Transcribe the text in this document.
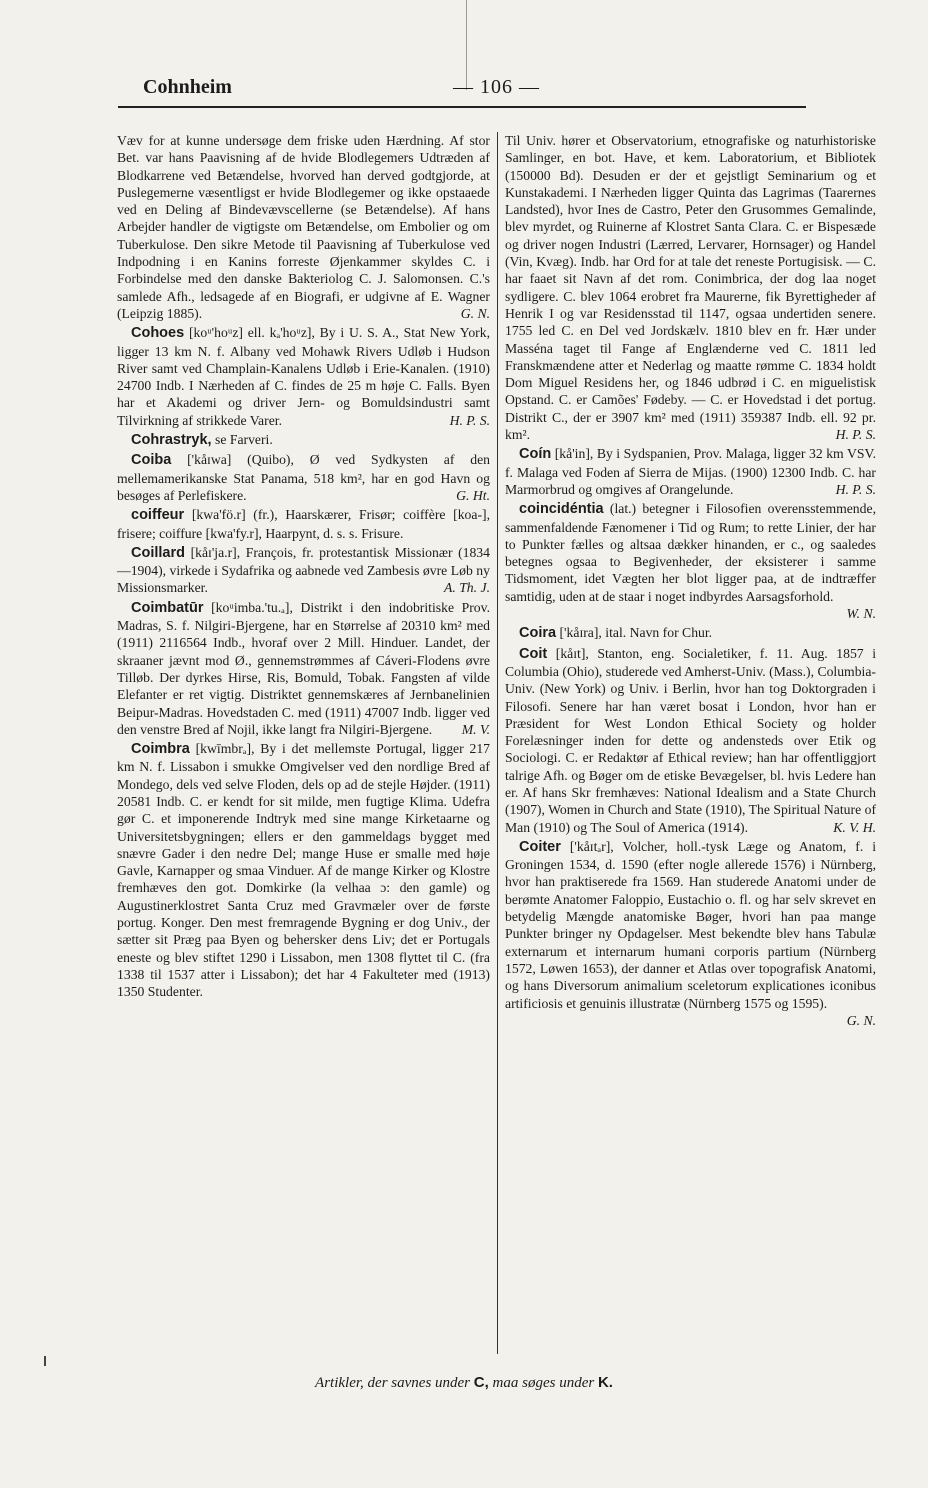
Cohnheim	— 106 —

Væv for at kunne undersøge dem friske uden Hærdning. Af stor Bet. var hans Paavisning af de hvide Blodlegemers Udtræden af Blodkarrene ved Betændelse, hvorved han derved godtgjorde, at Puslegemerne væsentligst er hvide Blodlegemer og ikke opstaaede ved en Deling af Bindevævscellerne (se Betændelse). Af hans Arbejder handler de vigtigste om Betændelse, om Embolier og om Tuberkulose. Den sikre Metode til Paavisning af Tuberkulose ved Indpodning i en Kanins forreste Øjenkammer skyldes C. i Forbindelse med den danske Bakteriolog C. J. Salomonsen. C.'s samlede Afh., ledsagede af en Biografi, er udgivne af E. Wagner (Leipzig 1885).	G. N.

Cohoes [koᵘ'hoᵘz] ell. kₐ'hoᵘz], By i U. S. A., Stat New York, ligger 13 km N. f. Albany ved Mohawk Rivers Udløb i Hudson River samt ved Champlain-Kanalens Udløb i Erie-Kanalen. (1910) 24700 Indb. I Nærheden af C. findes de 25 m høje C. Falls. Byen har et Akademi og driver Jern- og Bomuldsindustri samt Tilvirkning af strikkede Varer.	H. P. S.

Cohrastryk, se Farveri.

Coiba ['kåɪwa] (Quibo), Ø ved Sydkysten af den mellemamerikanske Stat Panama, 518 km², har en god Havn og besøges af Perlefiskere.	G. Ht.

coiffeur [kwa'fö.r] (fr.), Haarskærer, Frisør; coiffère [koa-], frisere; coiffure [kwa'fy.r], Haarpynt, d. s. s. Frisure.

Coillard [kåɪ'ja.r], François, fr. protestantisk Missionær (1834—1904), virkede i Sydafrika og aabnede ved Zambesis øvre Løb ny Missionsmarker.	A. Th. J.

Coimbatūr [koᵘimba.'tu.ₐ], Distrikt i den indobritiske Prov. Madras, S. f. Nilgiri-Bjergene, har en Størrelse af 20310 km² med (1911) 2116564 Indb., hvoraf over 2 Mill. Hinduer. Landet, der skraaner jævnt mod Ø., gennemstrømmes af Cáveri-Flodens øvre Tilløb. Der dyrkes Hirse, Ris, Bomuld, Tobak. Fangsten af vilde Elefanter er ret vigtig. Distriktet gennemskæres af Jernbanelinien Beipur-Madras. Hovedstaden C. med (1911) 47007 Indb. ligger ved den venstre Bred af Nojil, ikke langt fra Nilgiri-Bjergene.	M. V.

Coimbra [kwīmbrₐ], By i det mellemste Portugal, ligger 217 km N. f. Lissabon i smukke Omgivelser ved den nordlige Bred af Mondego, dels ved selve Floden, dels op ad de stejle Højder. (1911) 20581 Indb. C. er kendt for sit milde, men fugtige Klima. Udefra gør C. et imponerende Indtryk med sine mange Kirketaarne og Universitetsbygningen; ellers er den gammeldags bygget med snævre Gader i den nedre Del; mange Huse er smalle med høje Gavle, Karnapper og smaa Vinduer. Af de mange Kirker og Klostre fremhæves den got. Domkirke (la velhaa ɔ: den gamle) og Augustinerklostret Santa Cruz med Gravmæler over de første portug. Konger. Den mest fremragende Bygning er dog Univ., der sætter sit Præg paa Byen og behersker dens Liv; det er Portugals eneste og blev stiftet 1290 i Lissabon, men 1308 flyttet til C. (fra 1338 til 1537 atter i Lissabon); det har 4 Fakulteter med (1913) 1350 Studenter.

Til Univ. hører et Observatorium, etnografiske og naturhistoriske Samlinger, en bot. Have, et kem. Laboratorium, et Bibliotek (150000 Bd). Desuden er der et gejstligt Seminarium og et Kunstakademi. I Nærheden ligger Quinta das Lagrimas (Taarernes Landsted), hvor Ines de Castro, Peter den Grusommes Gemalinde, blev myrdet, og Ruinerne af Klostret Santa Clara. C. er Bispesæde og driver nogen Industri (Lærred, Lervarer, Hornsager) og Handel (Vin, Kvæg). Indb. har Ord for at tale det reneste Portugisisk. — C. har faaet sit Navn af det rom. Conimbrica, der dog laa noget sydligere. C. blev 1064 erobret fra Maurerne, fik Byrettigheder af Henrik I og var Residensstad til 1147, ogsaa undertiden senere. 1755 led C. en Del ved Jordskælv. 1810 blev en fr. Hær under Masséna taget til Fange af Englænderne ved C. 1811 led Franskmændene atter et Nederlag og maatte rømme C. 1834 holdt Dom Miguel Residens her, og 1846 udbrød i C. en miguelistisk Opstand. C. er Camões' Fødeby. — C. er Hovedstad i det portug. Distrikt C., der er 3907 km² med (1911) 359387 Indb. ell. 92 pr. km².	H. P. S.

Coín [kå'in], By i Sydspanien, Prov. Malaga, ligger 32 km VSV. f. Malaga ved Foden af Sierra de Mijas. (1900) 12300 Indb. C. har Marmorbrud og omgives af Orangelunde.	H. P. S.

coincidéntia (lat.) betegner i Filosofien overensstemmende, sammenfaldende Fænomener i Tid og Rum; to rette Linier, der har to Punkter fælles og altsaa dækker hinanden, er c., og saaledes betegnes ogsaa to Begivenheder, der eksisterer i samme Tidsmoment, idet Vægten her blot ligger paa, at de indtræffer samtidig, uden at de staar i noget indbyrdes Aarsagsforhold.
W. N.

Coira ['kåɪra], ital. Navn for Chur.

Coit [kåɪt], Stanton, eng. Socialetiker, f. 11. Aug. 1857 i Columbia (Ohio), studerede ved Amherst-Univ. (Mass.), Columbia-Univ. (New York) og Univ. i Berlin, hvor han tog Doktorgraden i Filosofi. Senere har han været bosat i London, hvor han er Præsident for West London Ethical Society og holder Forelæsninger inden for dette og andensteds over Etik og Sociologi. C. er Redaktør af Ethical review; han har offentliggjort talrige Afh. og Bøger om de etiske Bevægelser, bl. hvis Ledere han er. Af hans Skr fremhæves: National Idealism and a State Church (1907), Women in Church and State (1910), The Spiritual Nature of Man (1910) og The Soul of America (1914).	K. V. H.

Coiter ['kåɪtₐr], Volcher, holl.-tysk Læge og Anatom, f. i Groningen 1534, d. 1590 (efter nogle allerede 1576) i Nürnberg, hvor han praktiserede fra 1569. Han studerede Anatomi under de berømte Anatomer Faloppio, Eustachio o. fl. og har selv skrevet en betydelig Mængde anatomiske Bøger, hvori han paa mange Punkter bringer ny Opdagelser. Mest bekendte blev hans Tabulæ externarum et internarum humani corporis partium (Nürnberg 1572, Løwen 1653), der danner et Atlas over topografisk Anatomi, og hans Diversorum animalium sceletorum explicationes iconibus artificiosis et genuinis illustratæ (Nürnberg 1575 og 1595).
G. N.

Artikler, der savnes under C, maa søges under K.
